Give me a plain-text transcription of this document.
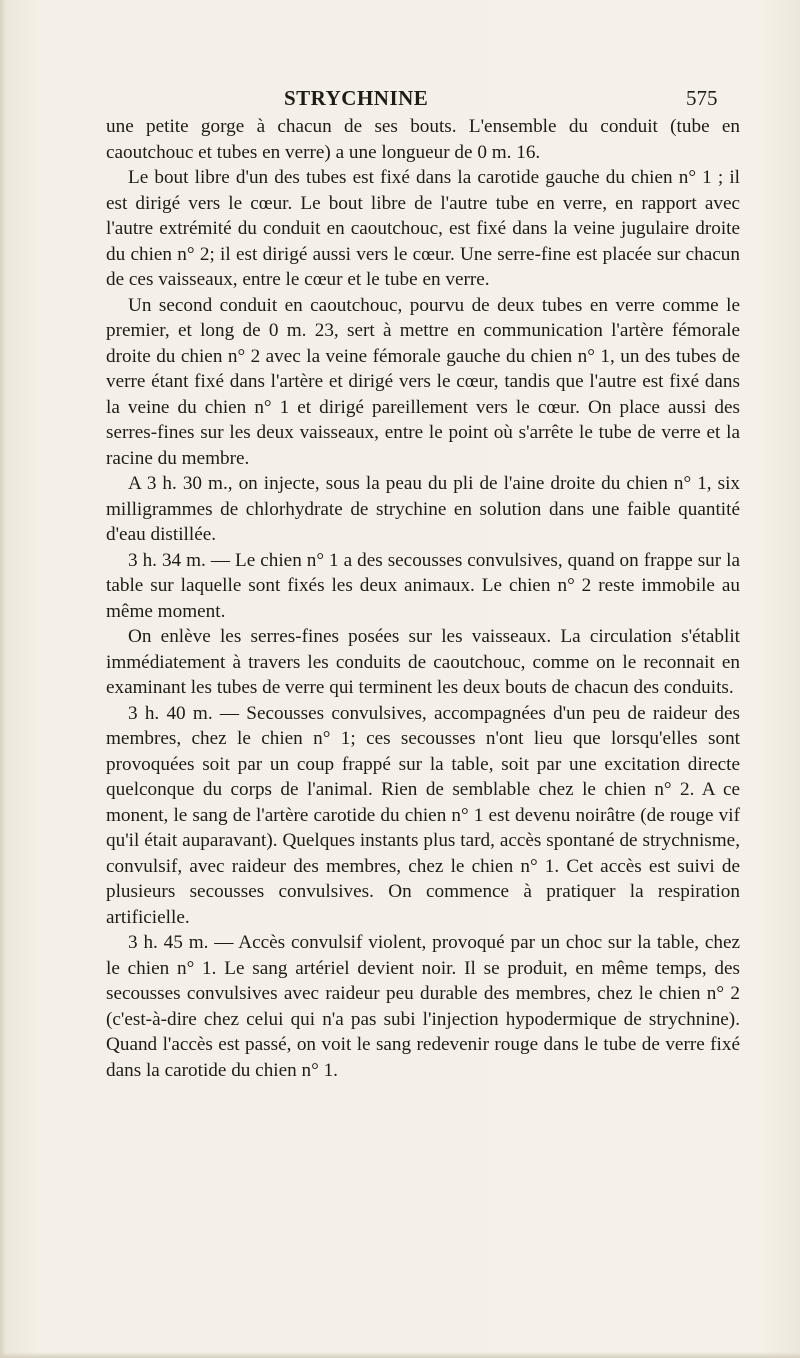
STRYCHNINE	575

une petite gorge à chacun de ses bouts. L'ensemble du conduit (tube en caoutchouc et tubes en verre) a une longueur de 0 m. 16.

Le bout libre d'un des tubes est fixé dans la carotide gauche du chien n° 1 ; il est dirigé vers le cœur. Le bout libre de l'autre tube en verre, en rapport avec l'autre extrémité du conduit en caoutchouc, est fixé dans la veine jugulaire droite du chien n° 2; il est dirigé aussi vers le cœur. Une serre-fine est placée sur chacun de ces vaisseaux, entre le cœur et le tube en verre.

Un second conduit en caoutchouc, pourvu de deux tubes en verre comme le premier, et long de 0 m. 23, sert à mettre en communication l'artère fémorale droite du chien n° 2 avec la veine fémorale gauche du chien n° 1, un des tubes de verre étant fixé dans l'artère et dirigé vers le cœur, tandis que l'autre est fixé dans la veine du chien n° 1 et dirigé pareillement vers le cœur. On place aussi des serres-fines sur les deux vaisseaux, entre le point où s'arrête le tube de verre et la racine du membre.

A 3 h. 30 m., on injecte, sous la peau du pli de l'aine droite du chien n° 1, six milligrammes de chlorhydrate de strychine en solution dans une faible quantité d'eau distillée.

3 h. 34 m. — Le chien n° 1 a des secousses convulsives, quand on frappe sur la table sur laquelle sont fixés les deux animaux. Le chien n° 2 reste immobile au même moment.

On enlève les serres-fines posées sur les vaisseaux. La circulation s'établit immédiatement à travers les conduits de caoutchouc, comme on le reconnait en examinant les tubes de verre qui terminent les deux bouts de chacun des conduits.

3 h. 40 m. — Secousses convulsives, accompagnées d'un peu de raideur des membres, chez le chien n° 1; ces secousses n'ont lieu que lorsqu'elles sont provoquées soit par un coup frappé sur la table, soit par une excitation directe quelconque du corps de l'animal. Rien de semblable chez le chien n° 2. A ce monent, le sang de l'artère carotide du chien n° 1 est devenu noirâtre (de rouge vif qu'il était auparavant). Quelques instants plus tard, accès spontané de strychnisme, convulsif, avec raideur des membres, chez le chien n° 1. Cet accès est suivi de plusieurs secousses convulsives. On commence à pratiquer la respiration artificielle.

3 h. 45 m. — Accès convulsif violent, provoqué par un choc sur la table, chez le chien n° 1. Le sang artériel devient noir. Il se produit, en même temps, des secousses convulsives avec raideur peu durable des membres, chez le chien n° 2 (c'est-à-dire chez celui qui n'a pas subi l'injection hypodermique de strychnine). Quand l'accès est passé, on voit le sang redevenir rouge dans le tube de verre fixé dans la carotide du chien n° 1.
